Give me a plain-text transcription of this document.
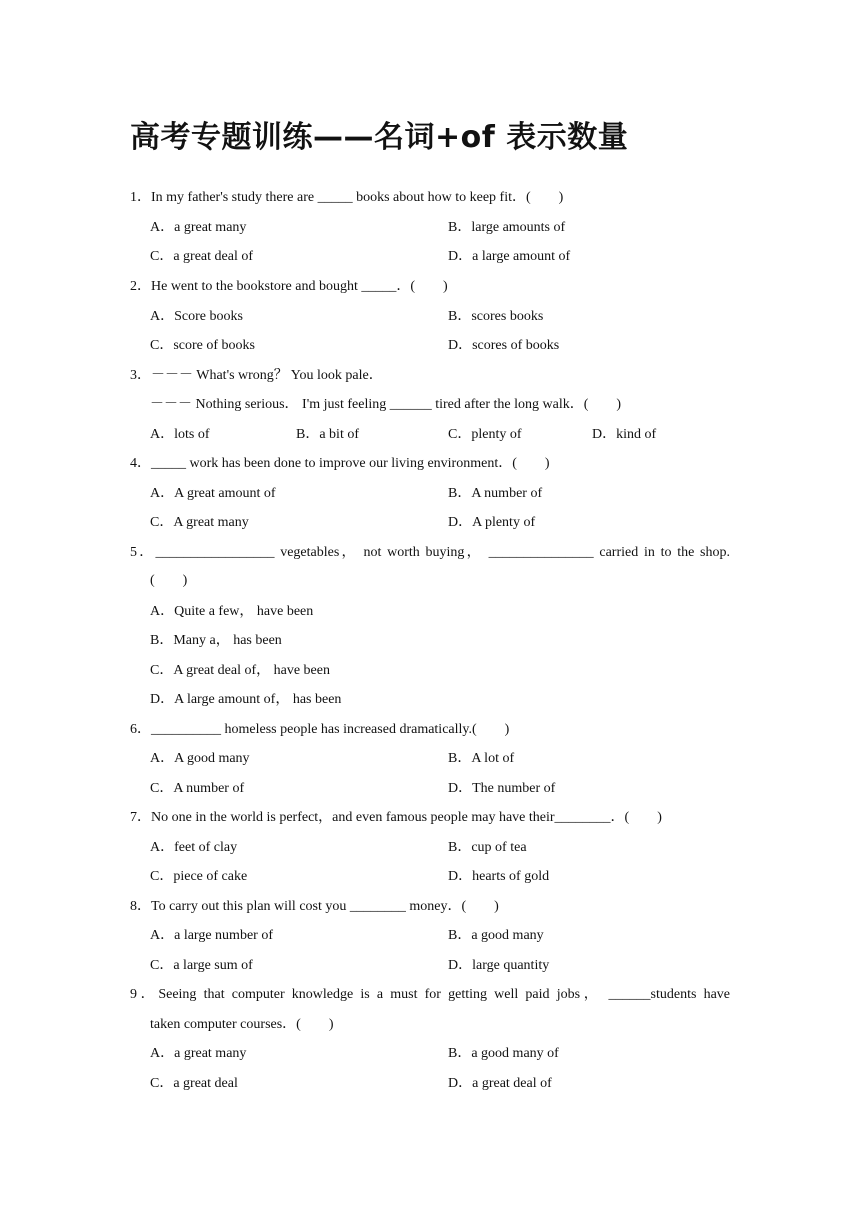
高考专题训练——名词+of 表示数量
1．In my father's study there are _____ books about how to keep fit．(　　)
A．a great many	B．large amounts of
C．a great deal of	D．a large amount of
2．He went to the bookstore and bought _____．(　　)
A．Score books	B．scores books
C．score of books	D．scores of books
3．－－－ What's wrong？ You look pale．
－－－ Nothing serious． I'm just feeling ______ tired after the long walk．(　　)
A．lots of	B．a bit of	C．plenty of	D．kind of
4．_____ work has been done to improve our living environment．(　　)
A．A great amount of	B．A number of
C．A great many	D．A plenty of
5．_________________ vegetables， not worth buying， _______________ carried in to the shop.
(　　)
A．Quite a few， have been
B．Many a， has been
C．A great deal of， have been
D．A large amount of， has been
6．__________ homeless people has increased dramatically.(　　)
A．A good many	B．A lot of
C．A number of	D．The number of
7．No one in the world is perfect，and even famous people may have their________．(　　)
A．feet of clay	B．cup of tea
C．piece of cake	D．hearts of gold
8．To carry out this plan will cost you ________ money．(　　)
A．a large number of	B．a good many
C．a large sum of	D．large quantity
9．Seeing that computer knowledge is a must for getting well paid jobs， ______students have
taken computer courses．(　　)
A．a great many	B．a good many of
C．a great deal	D．a great deal of
